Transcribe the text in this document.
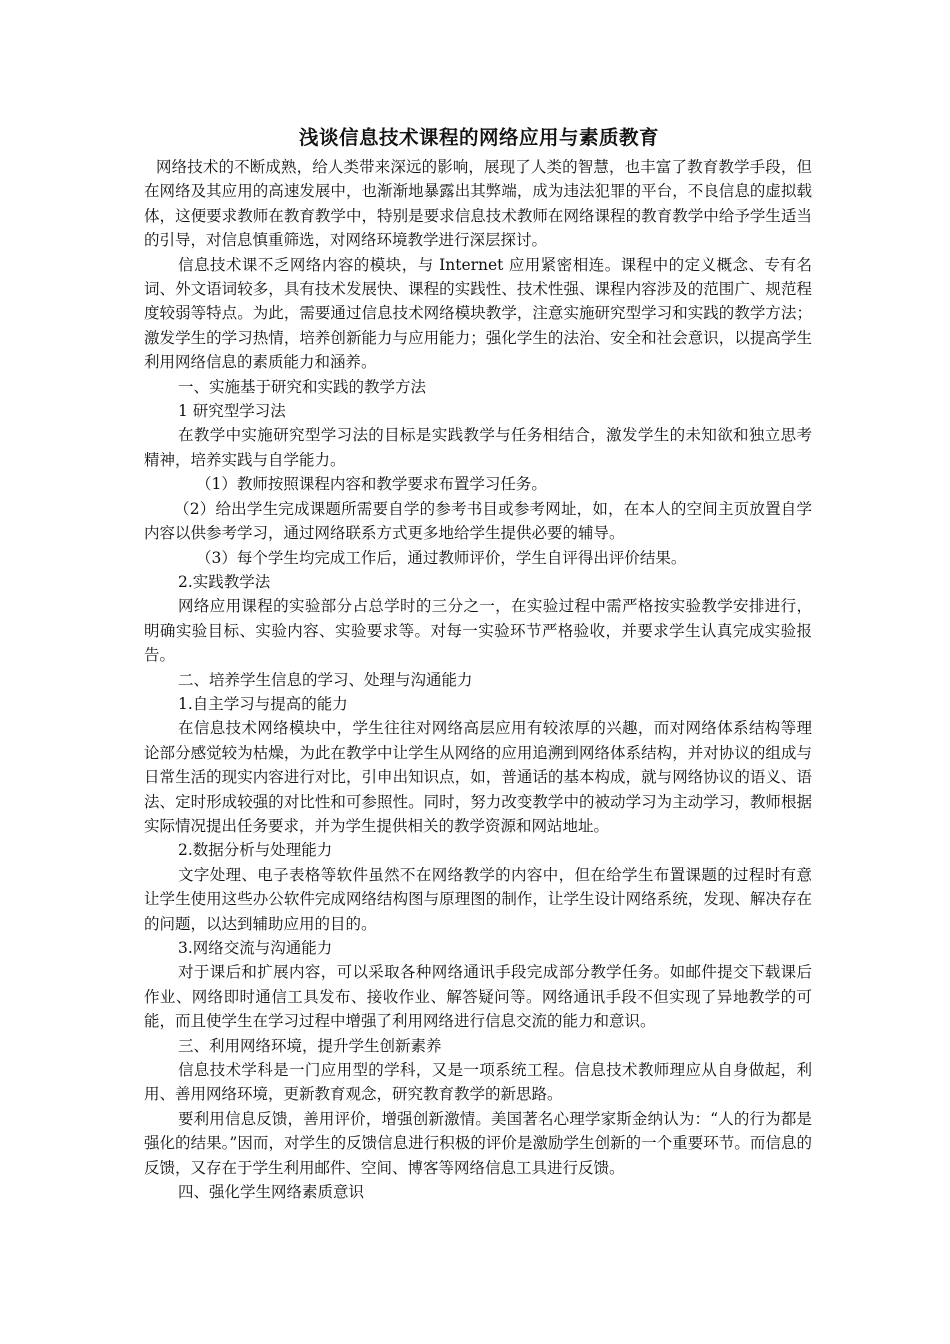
浅谈信息技术课程的网络应用与素质教育

网络技术的不断成熟，给人类带来深远的影响，展现了人类的智慧，也丰富了教育教学手段，但在网络及其应用的高速发展中，也渐渐地暴露出其弊端，成为违法犯罪的平台，不良信息的虚拟载体，这便要求教师在教育教学中，特别是要求信息技术教师在网络课程的教育教学中给予学生适当的引导，对信息慎重筛选，对网络环境教学进行深层探讨。

信息技术课不乏网络内容的模块，与 Internet 应用紧密相连。课程中的定义概念、专有名词、外文语词较多，具有技术发展快、课程的实践性、技术性强、课程内容涉及的范围广、规范程度较弱等特点。为此，需要通过信息技术网络模块教学，注意实施研究型学习和实践的教学方法；激发学生的学习热情，培养创新能力与应用能力；强化学生的法治、安全和社会意识，以提高学生利用网络信息的素质能力和涵养。

一、实施基于研究和实践的教学方法

1 研究型学习法

在教学中实施研究型学习法的目标是实践教学与任务相结合，激发学生的未知欲和独立思考精神，培养实践与自学能力。

（1）教师按照课程内容和教学要求布置学习任务。

（2）给出学生完成课题所需要自学的参考书目或参考网址，如，在本人的空间主页放置自学内容以供参考学习，通过网络联系方式更多地给学生提供必要的辅导。

（3）每个学生均完成工作后，通过教师评价，学生自评得出评价结果。

2.实践教学法

网络应用课程的实验部分占总学时的三分之一，在实验过程中需严格按实验教学安排进行，明确实验目标、实验内容、实验要求等。对每一实验环节严格验收，并要求学生认真完成实验报告。

二、培养学生信息的学习、处理与沟通能力

1.自主学习与提高的能力

在信息技术网络模块中，学生往往对网络高层应用有较浓厚的兴趣，而对网络体系结构等理论部分感觉较为枯燥，为此在教学中让学生从网络的应用追溯到网络体系结构，并对协议的组成与日常生活的现实内容进行对比，引申出知识点，如，普通话的基本构成，就与网络协议的语义、语法、定时形成较强的对比性和可参照性。同时，努力改变教学中的被动学习为主动学习，教师根据实际情况提出任务要求，并为学生提供相关的教学资源和网站地址。

2.数据分析与处理能力

文字处理、电子表格等软件虽然不在网络教学的内容中，但在给学生布置课题的过程时有意让学生使用这些办公软件完成网络结构图与原理图的制作，让学生设计网络系统，发现、解决存在的问题，以达到辅助应用的目的。

3.网络交流与沟通能力

对于课后和扩展内容，可以采取各种网络通讯手段完成部分教学任务。如邮件提交下载课后作业、网络即时通信工具发布、接收作业、解答疑问等。网络通讯手段不但实现了异地教学的可能，而且使学生在学习过程中增强了利用网络进行信息交流的能力和意识。

三、利用网络环境，提升学生创新素养

信息技术学科是一门应用型的学科，又是一项系统工程。信息技术教师理应从自身做起，利用、善用网络环境，更新教育观念，研究教育教学的新思路。

要利用信息反馈，善用评价，增强创新激情。美国著名心理学家斯金纳认为：“人的行为都是强化的结果。”因而，对学生的反馈信息进行积极的评价是激励学生创新的一个重要环节。而信息的反馈，又存在于学生利用邮件、空间、博客等网络信息工具进行反馈。

四、强化学生网络素质意识
